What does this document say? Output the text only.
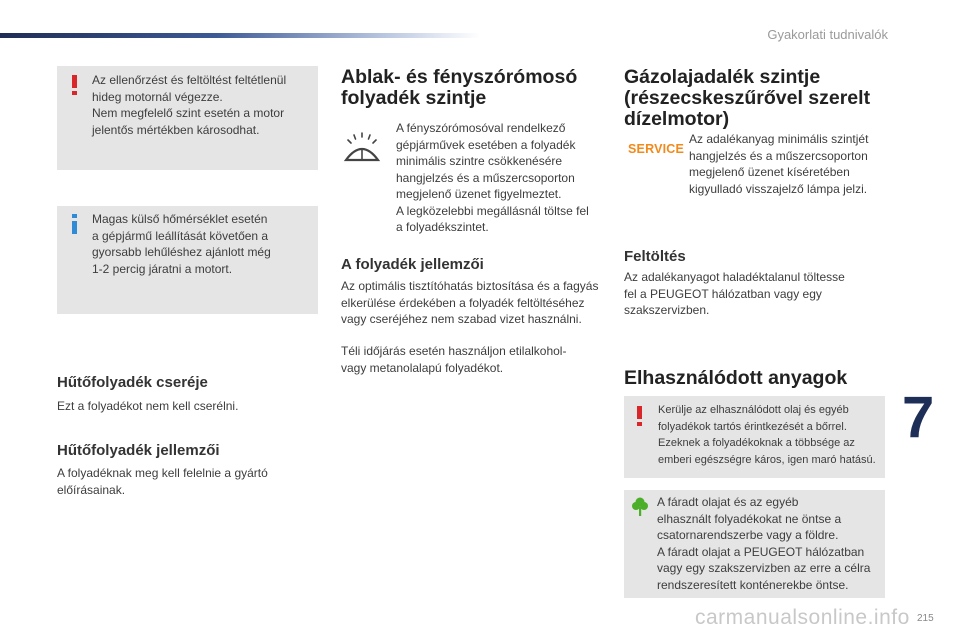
Gyakorlati tudnivalók

Az ellenőrzést és feltöltést feltétlenül
hideg motornál végezze.
Nem megfelelő szint esetén a motor
jelentős mértékben károsodhat.

Magas külső hőmérséklet esetén
a gépjármű leállítását követően a
gyorsabb lehűléshez ajánlott még
1-2 percig járatni a motort.

Hűtőfolyadék cseréje
Ezt a folyadékot nem kell cserélni.
Hűtőfolyadék jellemzői
A folyadéknak meg kell felelnie a gyártó
előírásainak.
Ablak- és fényszórómosó
folyadék szintje
A fényszórómosóval rendelkező
gépjárművek esetében a folyadék
minimális szintre csökkenésére
hangjelzés és a műszercsoporton
megjelenő üzenet figyelmeztet.
A legközelebbi megállásnál töltse fel
a folyadékszintet.
A folyadék jellemzői
Az optimális tisztítóhatás biztosítása és a fagyás
elkerülése érdekében a folyadék feltöltéséhez
vagy cseréjéhez nem szabad vizet használni.
Téli időjárás esetén használjon etilalkohol-
vagy metanolalapú folyadékot.
Gázolajadalék szintje
(részecskeszűrővel szerelt
dízelmotor)
SERVICE
Az adalékanyag minimális szintjét
hangjelzés és a műszercsoporton
megjelenő üzenet kíséretében
kigyulladó visszajelző lámpa jelzi.
Feltöltés
Az adalékanyagot haladéktalanul töltesse
fel a PEUGEOT hálózatban vagy egy
szakszervizben.
Elhasználódott anyagok

Kerülje az elhasználódott olaj és egyéb
folyadékok tartós érintkezését a bőrrel.
Ezeknek a folyadékoknak a többsége az
emberi egészségre káros, igen maró hatású.

A fáradt olajat és az egyéb
elhasznált folyadékokat ne öntse a
csatornarendszerbe vagy a földre.
A fáradt olajat a PEUGEOT hálózatban
vagy egy szakszervizben az erre a célra
rendszeresített konténerekbe öntse.

7
carmanualsonline.info 215
